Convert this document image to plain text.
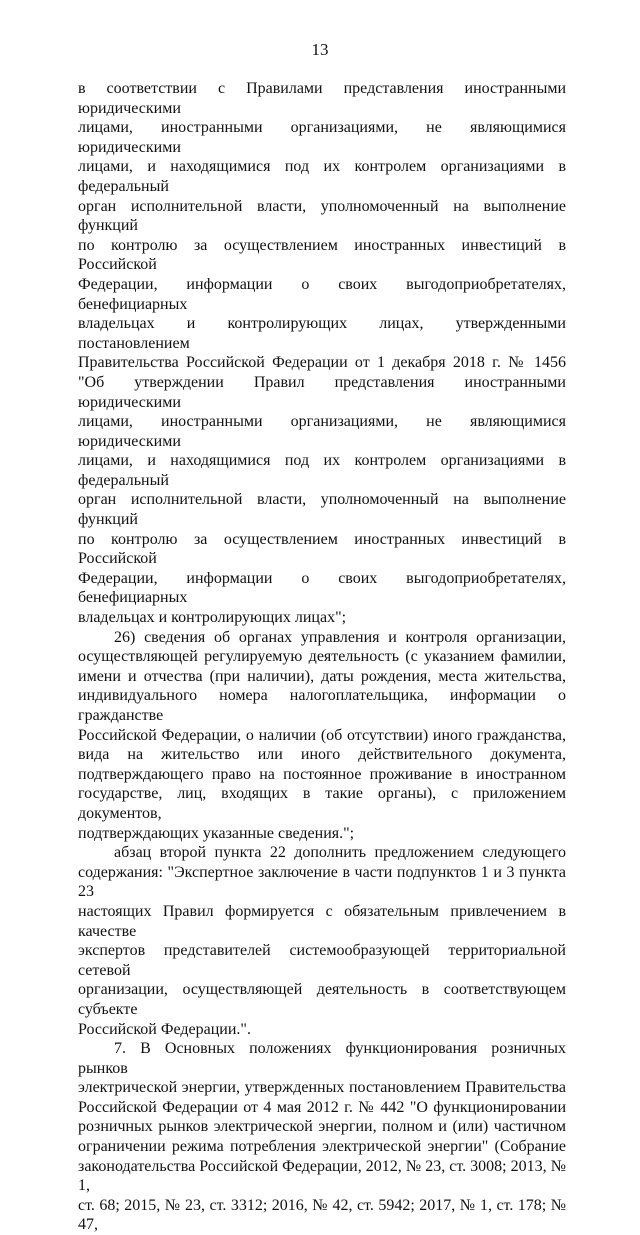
13
в соответствии с Правилами представления иностранными юридическими
лицами, иностранными организациями, не являющимися юридическими
лицами, и находящимися под их контролем организациями в федеральный
орган исполнительной власти, уполномоченный на выполнение функций
по контролю за осуществлением иностранных инвестиций в Российской
Федерации, информации о своих выгодоприобретателях, бенефициарных
владельцах и контролирующих лицах, утвержденными постановлением
Правительства Российской Федерации от 1 декабря 2018 г. № 1456
"Об утверждении Правил представления иностранными юридическими
лицами, иностранными организациями, не являющимися юридическими
лицами, и находящимися под их контролем организациями в федеральный
орган исполнительной власти, уполномоченный на выполнение функций
по контролю за осуществлением иностранных инвестиций в Российской
Федерации, информации о своих выгодоприобретателях, бенефициарных
владельцах и контролирующих лицах";
26) сведения об органах управления и контроля организации,
осуществляющей регулируемую деятельность (с указанием фамилии,
имени и отчества (при наличии), даты рождения, места жительства,
индивидуального номера налогоплательщика, информации о гражданстве
Российской Федерации, о наличии (об отсутствии) иного гражданства,
вида на жительство или иного действительного документа,
подтверждающего право на постоянное проживание в иностранном
государстве, лиц, входящих в такие органы), с приложением документов,
подтверждающих указанные сведения.";
абзац второй пункта 22 дополнить предложением следующего
содержания: "Экспертное заключение в части подпунктов 1 и 3 пункта 23
настоящих Правил формируется с обязательным привлечением в качестве
экспертов представителей системообразующей территориальной сетевой
организации, осуществляющей деятельность в соответствующем субъекте
Российской Федерации.".
7. В Основных положениях функционирования розничных рынков
электрической энергии, утвержденных постановлением Правительства
Российской Федерации от 4 мая 2012 г. № 442 "О функционировании
розничных рынков электрической энергии, полном и (или) частичном
ограничении режима потребления электрической энергии" (Собрание
законодательства Российской Федерации, 2012, № 23, ст. 3008; 2013, № 1,
ст. 68; 2015, № 23, ст. 3312; 2016, № 42, ст. 5942; 2017, № 1, ст. 178; № 47,
